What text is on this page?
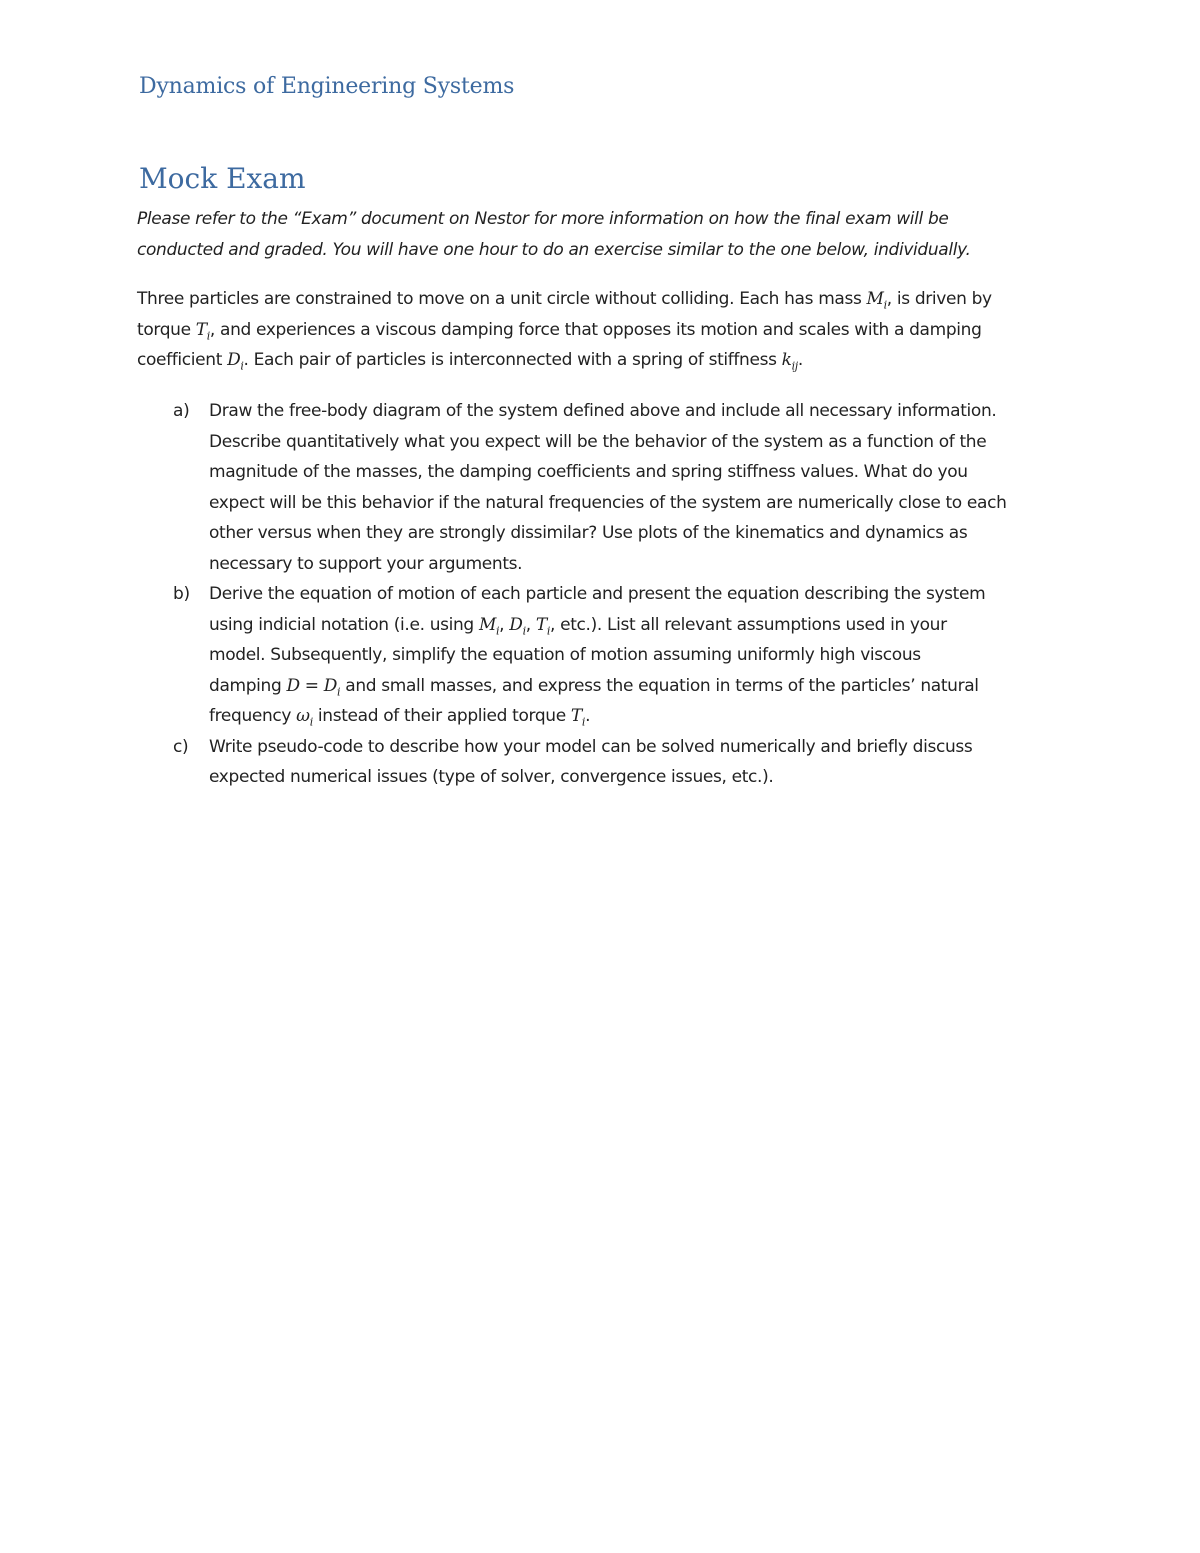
Dynamics of Engineering Systems
Mock Exam
Please refer to the “Exam” document on Nestor for more information on how the final exam will be
conducted and graded. You will have one hour to do an exercise similar to the one below, individually.
Three particles are constrained to move on a unit circle without colliding. Each has mass $M_i$, is driven by
torque $T_i$, and experiences a viscous damping force that opposes its motion and scales with a damping
coefficient $D_i$. Each pair of particles is interconnected with a spring of stiffness $k_{ij}$.
a) Draw the free-body diagram of the system defined above and include all necessary information.
Describe quantitatively what you expect will be the behavior of the system as a function of the
magnitude of the masses, the damping coefficients and spring stiffness values. What do you
expect will be this behavior if the natural frequencies of the system are numerically close to each
other versus when they are strongly dissimilar? Use plots of the kinematics and dynamics as
necessary to support your arguments.
b) Derive the equation of motion of each particle and present the equation describing the system
using indicial notation (i.e. using $M_i$, $D_i$, $T_i$, etc.). List all relevant assumptions used in your
model. Subsequently, simplify the equation of motion assuming uniformly high viscous
damping $D = D_i$ and small masses, and express the equation in terms of the particles’ natural
frequency $\omega_i$ instead of their applied torque $T_i$.
c) Write pseudo-code to describe how your model can be solved numerically and briefly discuss
expected numerical issues (type of solver, convergence issues, etc.).
